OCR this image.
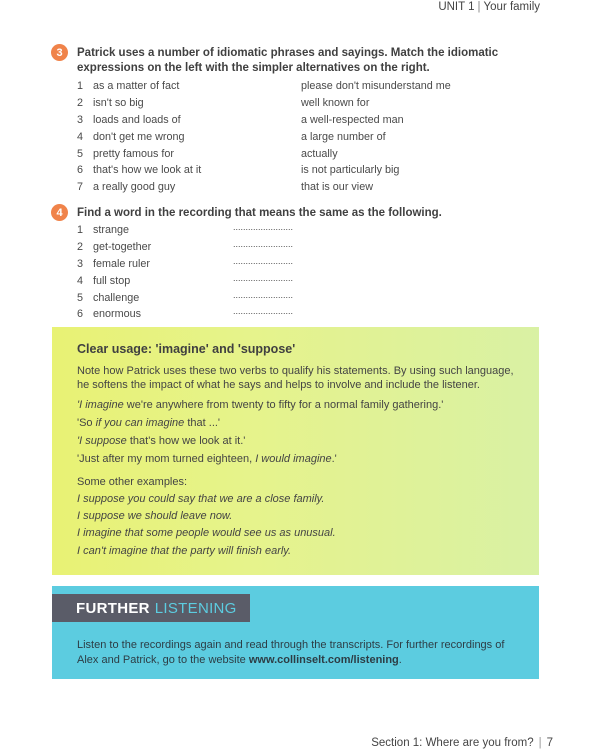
UNIT 1 | Your family
3	Patrick uses a number of idiomatic phrases and sayings. Match the idiomatic expressions on the left with the simpler alternatives on the right.
1 as a matter of fact	please don't misunderstand me
2 isn't so big	well known for
3 loads and loads of	a well-respected man
4 don't get me wrong	a large number of
5 pretty famous for	actually
6 that's how we look at it	is not particularly big
7 a really good guy	that is our view
4	Find a word in the recording that means the same as the following.
1 strange	........................
2 get-together	........................
3 female ruler	........................
4 full stop	........................
5 challenge	........................
6 enormous	........................
Clear usage: 'imagine' and 'suppose'
Note how Patrick uses these two verbs to qualify his statements. By using such language, he softens the impact of what he says and helps to involve and include the listener.
'I imagine we're anywhere from twenty to fifty for a normal family gathering.'
'So if you can imagine that ...'
'I suppose that's how we look at it.'
'Just after my mom turned eighteen, I would imagine.'
Some other examples:
I suppose you could say that we are a close family.
I suppose we should leave now.
I imagine that some people would see us as unusual.
I can't imagine that the party will finish early.
FURTHER LISTENING
Listen to the recordings again and read through the transcripts. For further recordings of Alex and Patrick, go to the website www.collinselt.com/listening.
Section 1: Where are you from? | 7
